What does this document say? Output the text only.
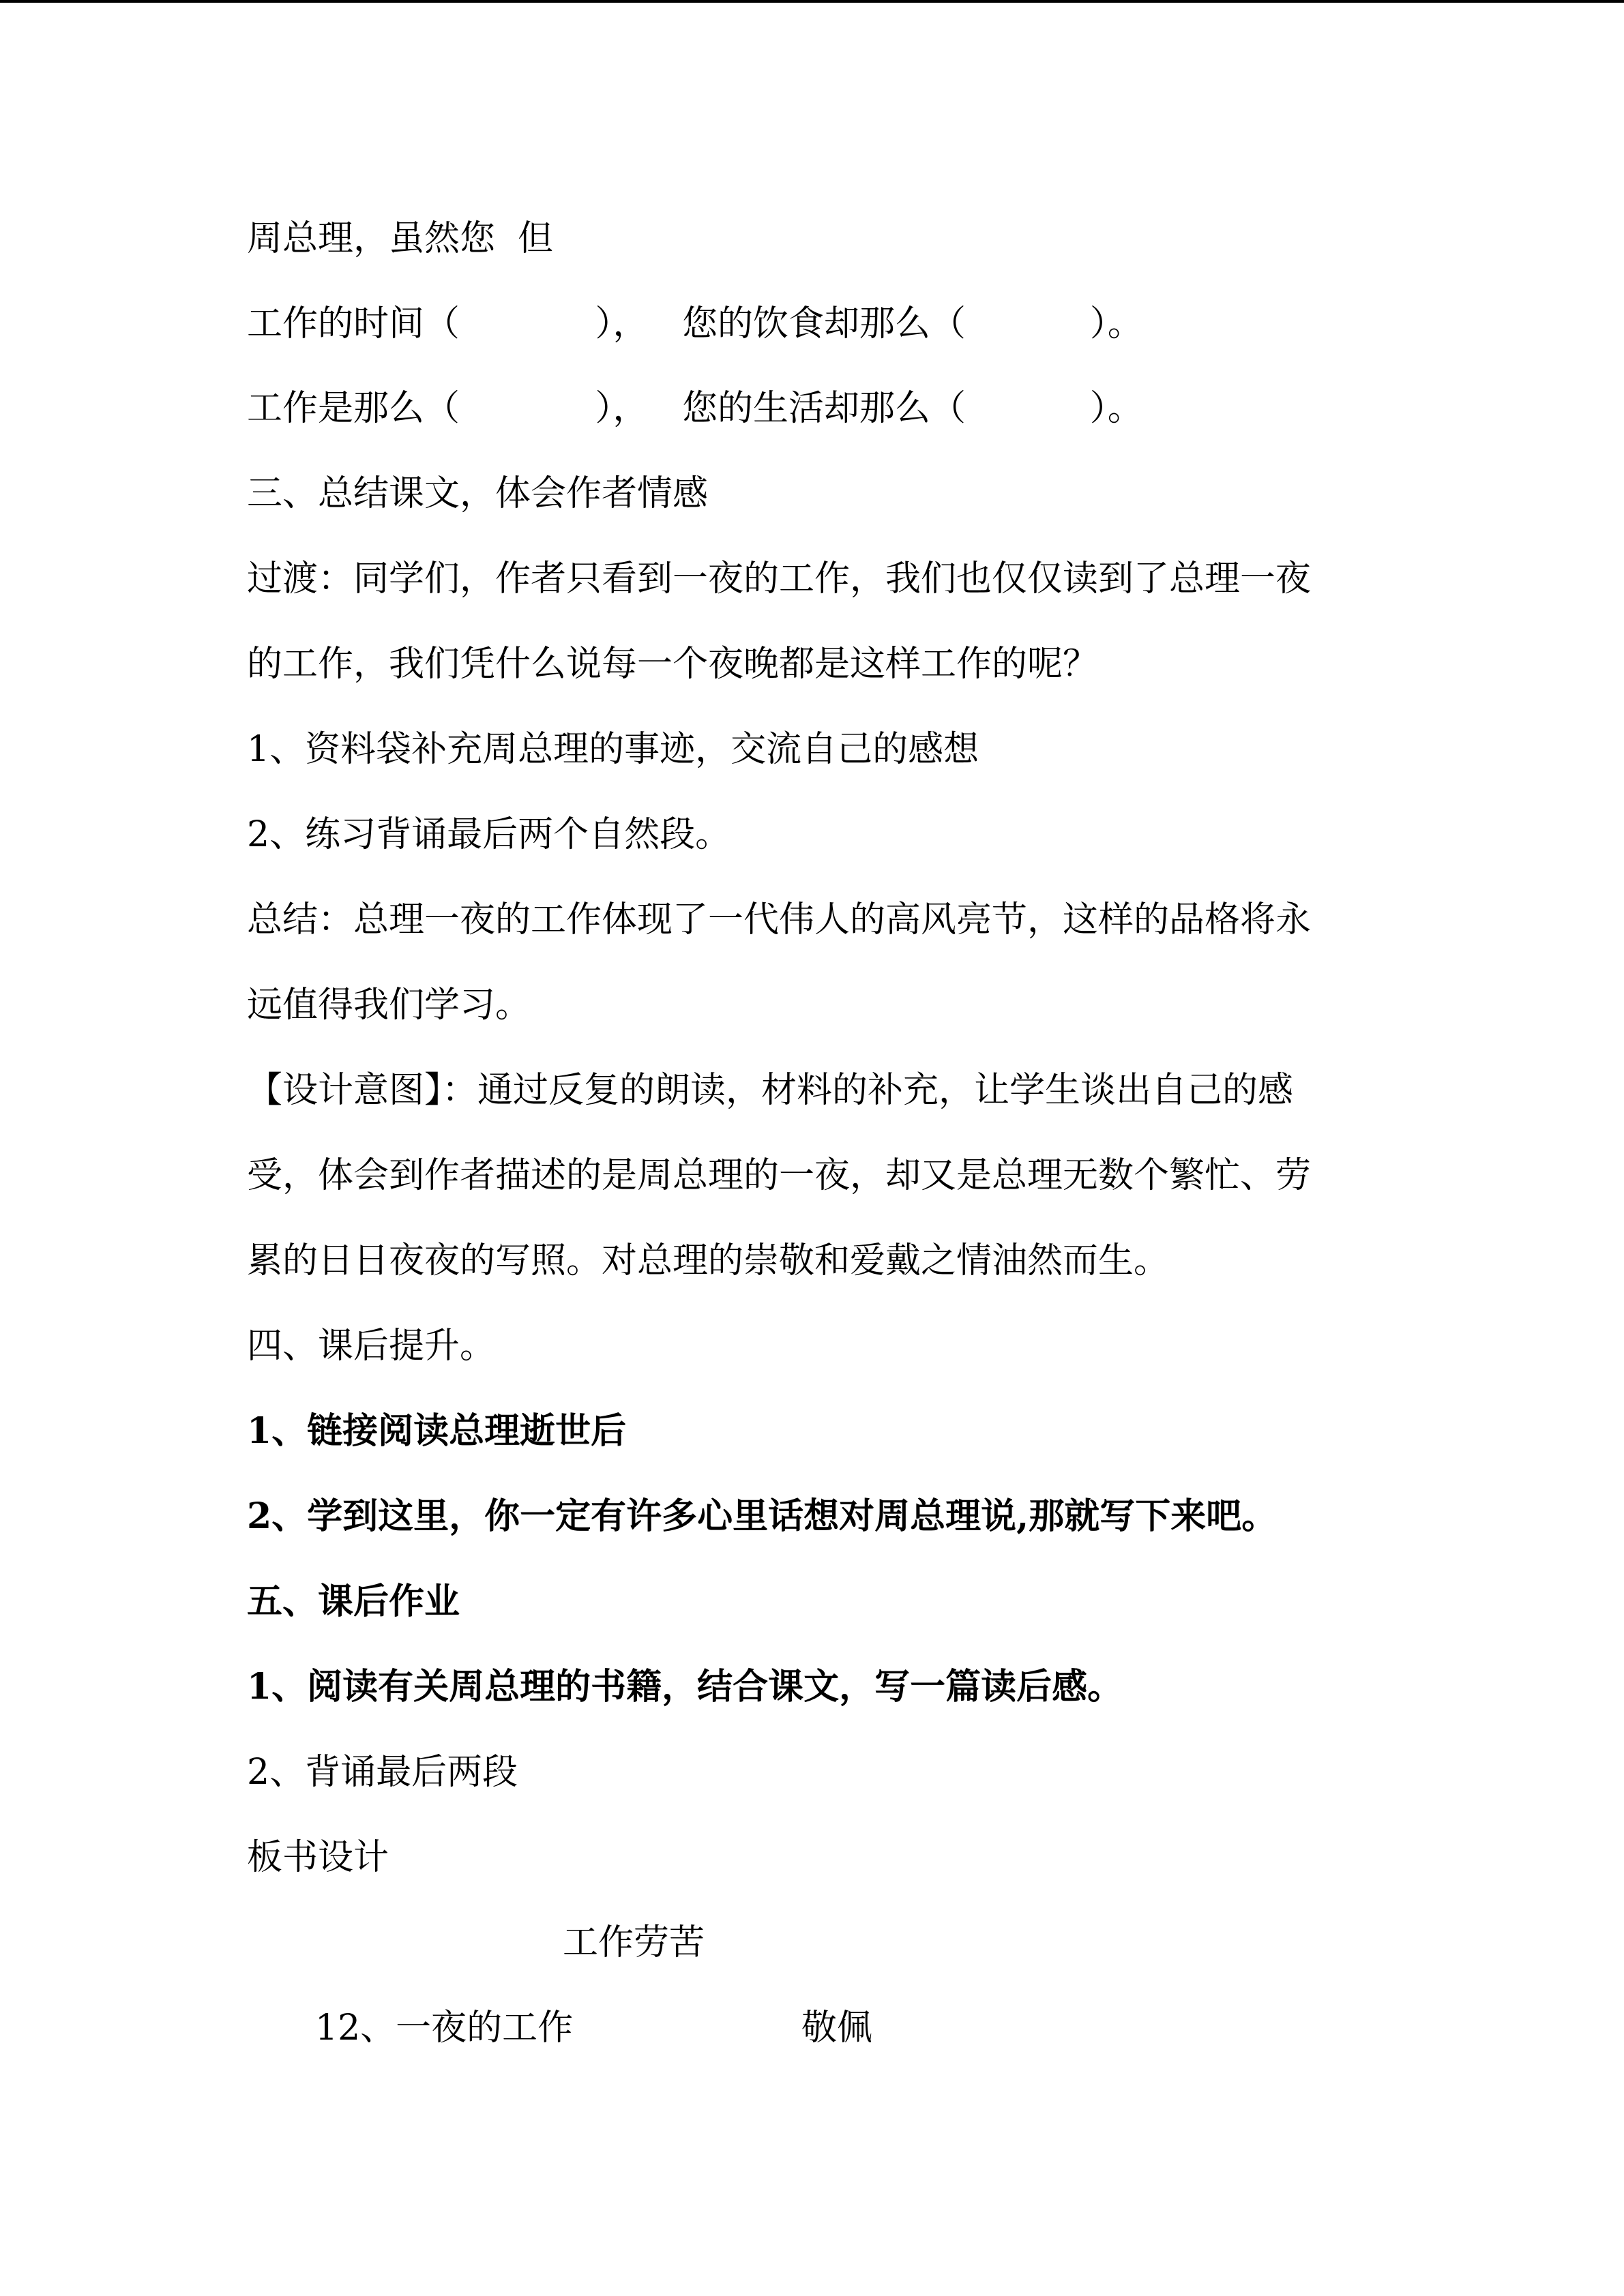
周总理，虽然您  但
工作的时间（            ），   您的饮食却那么（           ）。
工作是那么（            ），   您的生活却那么（           ）。
三、总结课文，体会作者情感
过渡：同学们，作者只看到一夜的工作，我们也仅仅读到了总理一夜
的工作，我们凭什么说每一个夜晚都是这样工作的呢？
1、资料袋补充周总理的事迹，交流自己的感想
2、练习背诵最后两个自然段。
总结：总理一夜的工作体现了一代伟人的高风亮节，这样的品格将永
远值得我们学习。
【设计意图】：通过反复的朗读，材料的补充，让学生谈出自己的感
受，体会到作者描述的是周总理的一夜，却又是总理无数个繁忙、劳
累的日日夜夜的写照。对总理的崇敬和爱戴之情油然而生。
四、课后提升。
1、链接阅读总理逝世后
2、学到这里，你一定有许多心里话想对周总理说,那就写下来吧。
五、课后作业
1、阅读有关周总理的书籍，结合课文，写一篇读后感。
2、背诵最后两段
板书设计
工作劳苦
12、一夜的工作	敬佩
